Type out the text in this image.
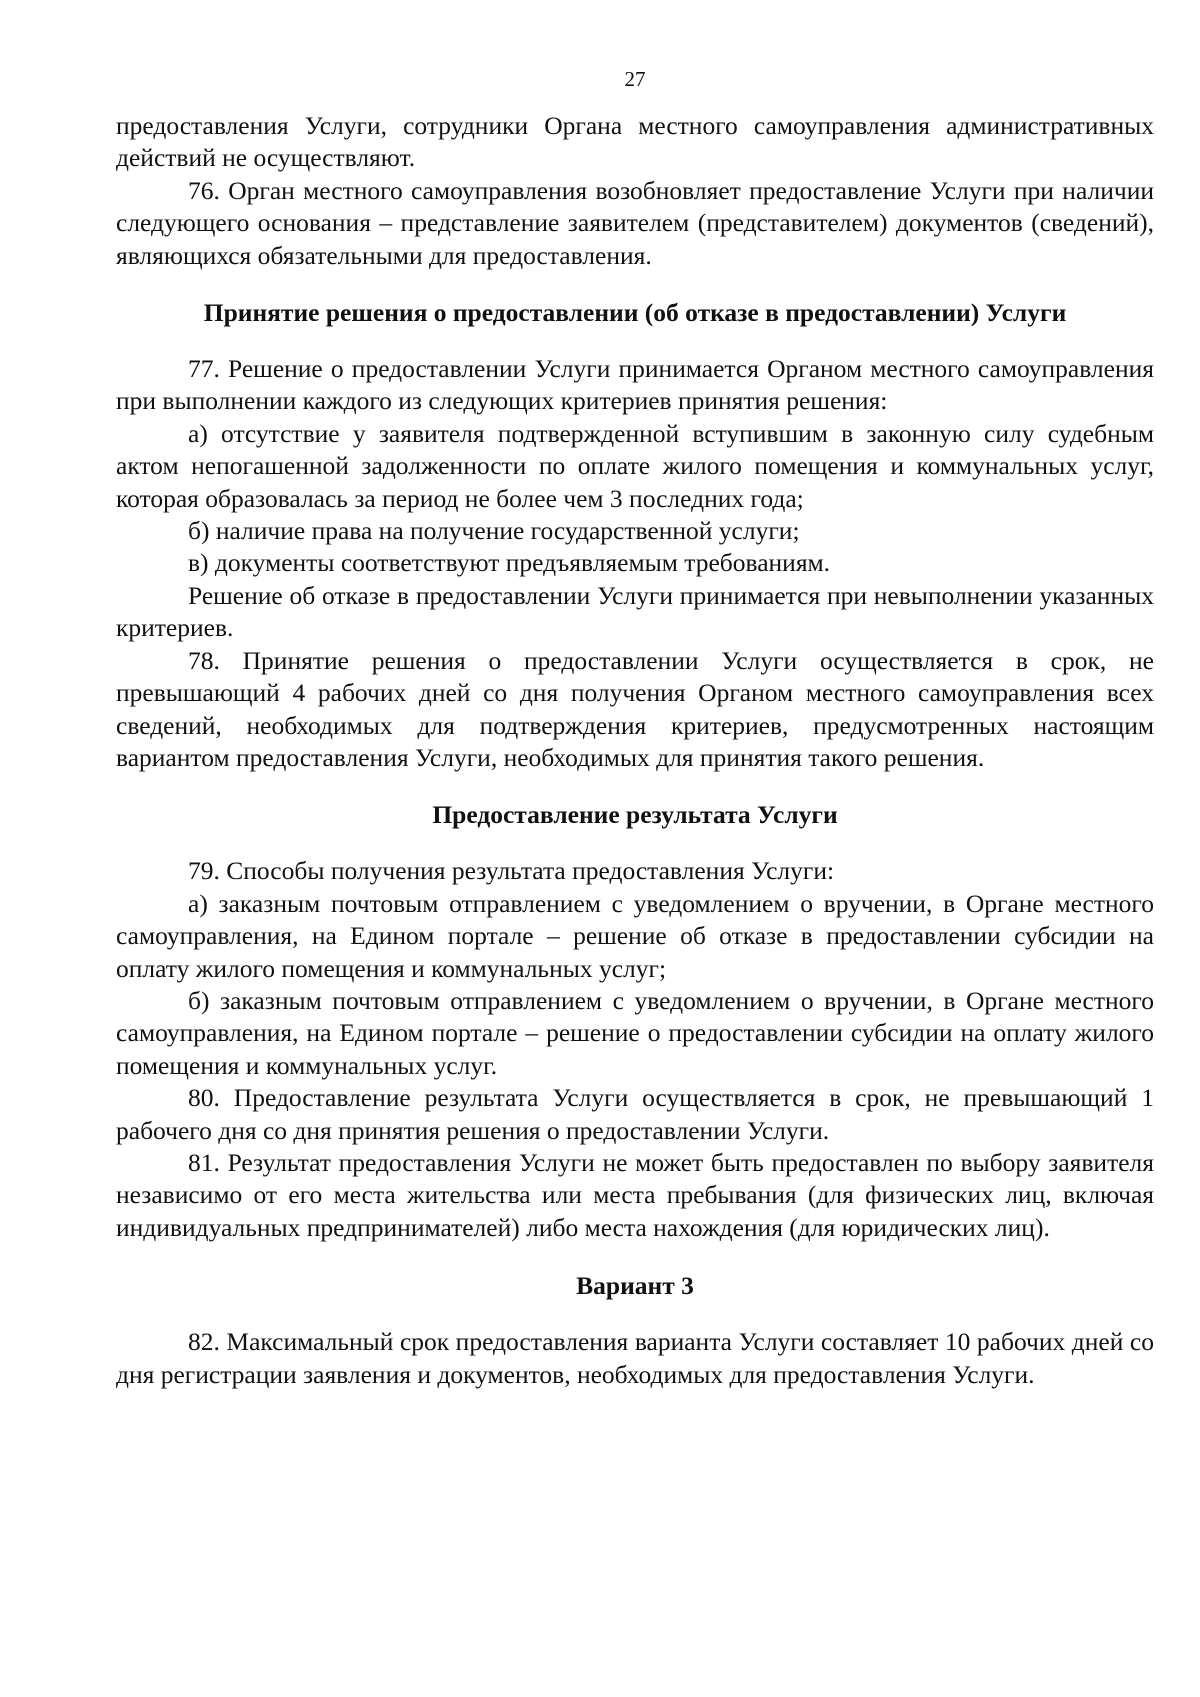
27

предоставления Услуги, сотрудники Органа местного самоуправления административных действий не осуществляют.

76. Орган местного самоуправления возобновляет предоставление Услуги при наличии следующего основания – представление заявителем (представителем) документов (сведений), являющихся обязательными для предоставления.

Принятие решения о предоставлении (об отказе в предоставлении) Услуги

77. Решение о предоставлении Услуги принимается Органом местного самоуправления при выполнении каждого из следующих критериев принятия решения:

а) отсутствие у заявителя подтвержденной вступившим в законную силу судебным актом непогашенной задолженности по оплате жилого помещения и коммунальных услуг, которая образовалась за период не более чем 3 последних года;

б) наличие права на получение государственной услуги;

в) документы соответствуют предъявляемым требованиям.

Решение об отказе в предоставлении Услуги принимается при невыполнении указанных критериев.

78. Принятие решения о предоставлении Услуги осуществляется в срок, не превышающий 4 рабочих дней со дня получения Органом местного самоуправления всех сведений, необходимых для подтверждения критериев, предусмотренных настоящим вариантом предоставления Услуги, необходимых для принятия такого решения.

Предоставление результата Услуги

79. Способы получения результата предоставления Услуги:

а) заказным почтовым отправлением с уведомлением о вручении, в Органе местного самоуправления, на Едином портале – решение об отказе в предоставлении субсидии на оплату жилого помещения и коммунальных услуг;

б) заказным почтовым отправлением с уведомлением о вручении, в Органе местного самоуправления, на Едином портале – решение о предоставлении субсидии на оплату жилого помещения и коммунальных услуг.

80. Предоставление результата Услуги осуществляется в срок, не превышающий 1 рабочего дня со дня принятия решения о предоставлении Услуги.

81. Результат предоставления Услуги не может быть предоставлен по выбору заявителя независимо от его места жительства или места пребывания (для физических лиц, включая индивидуальных предпринимателей) либо места нахождения (для юридических лиц).

Вариант 3

82. Максимальный срок предоставления варианта Услуги составляет 10 рабочих дней со дня регистрации заявления и документов, необходимых для предоставления Услуги.
